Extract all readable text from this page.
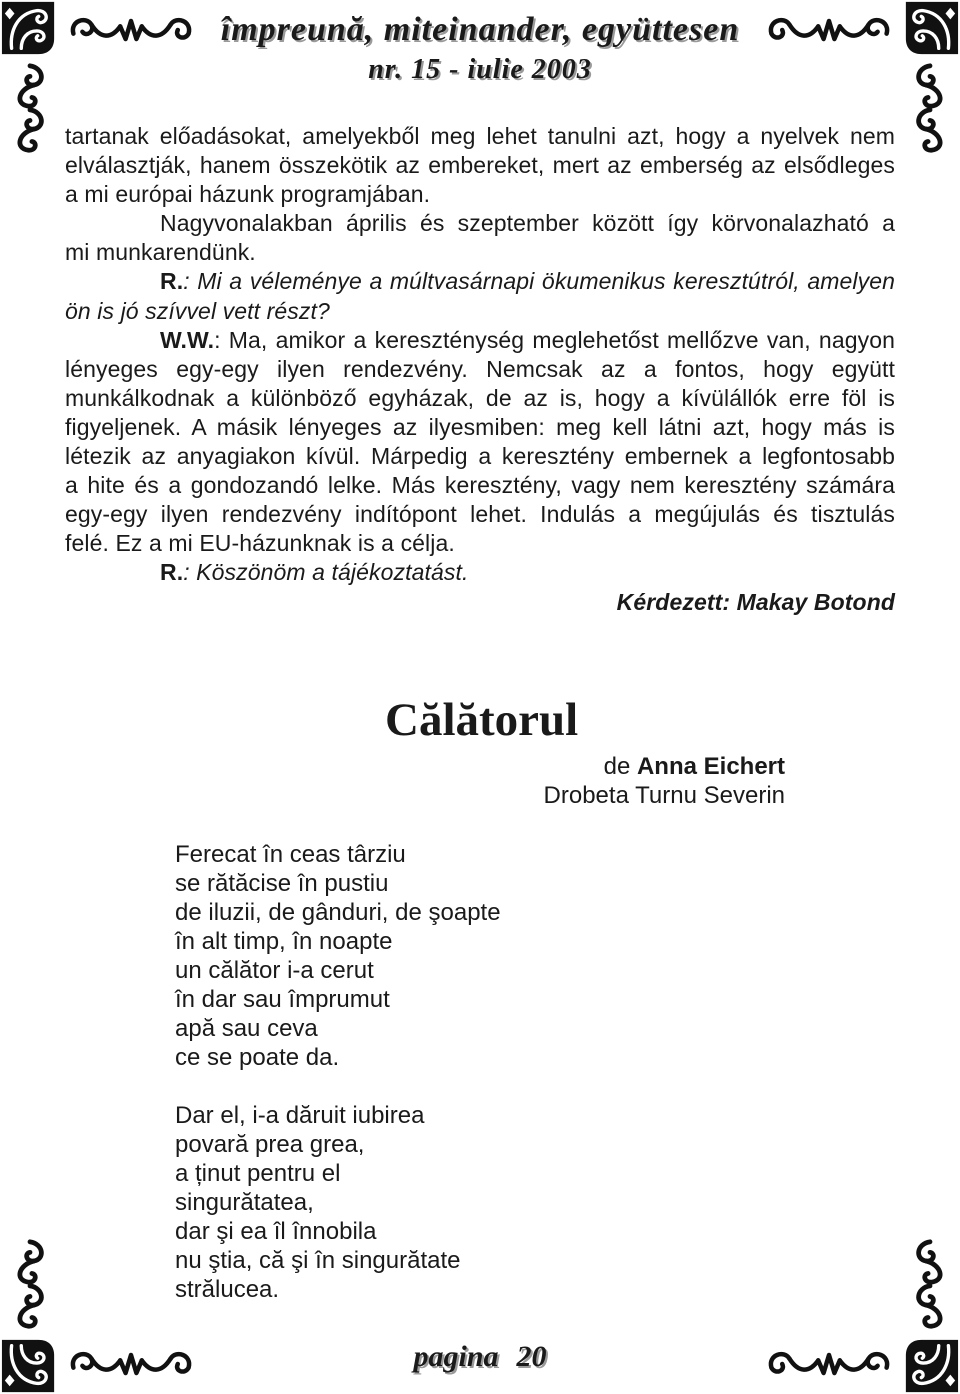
împreună, miteinander, együttesen
nr. 15 - iulie 2003
tartanak előadásokat, amelyekből meg lehet tanulni azt, hogy a nyelvek nem
elválasztják, hanem összekötik az embereket, mert az emberség az elsődleges
a mi európai házunk programjában.
Nagyvonalakban április és szeptember között így körvonalazható a
mi munkarendünk.
R.: Mi a véleménye a múltvasárnapi ökumenikus keresztútról, amelyen
ön is jó szívvel vett részt?
W.W.: Ma, amikor a kereszténység meglehetőst mellőzve van, nagyon
lényeges egy-egy ilyen rendezvény. Nemcsak az a fontos, hogy együtt
munkálkodnak a különböző egyházak, de az is, hogy a kívülállók erre föl is
figyeljenek. A másik lényeges az ilyesmiben: meg kell látni azt, hogy más is
létezik az anyagiakon kívül. Márpedig a keresztény embernek a legfontosabb
a hite és a gondozandó lelke. Más keresztény, vagy nem keresztény számára
egy-egy ilyen rendezvény indítópont lehet. Indulás a megújulás és tisztulás
felé. Ez a mi EU-házunknak is a célja.
R.: Köszönöm a tájékoztatást.
Kérdezett: Makay Botond
Călătorul
de Anna Eichert
Drobeta Turnu Severin
Ferecat în ceas târziu
se rătăcise în pustiu
de iluzii, de gânduri, de şoapte
în alt timp, în noapte
un călător i-a cerut
în dar sau împrumut
apă sau ceva
ce se poate da.
Dar el, i-a dăruit iubirea
povară prea grea,
a ținut pentru el
singurătatea,
dar şi ea îl înnobila
nu ştia, că şi în singurătate
strălucea.
pagina 20
